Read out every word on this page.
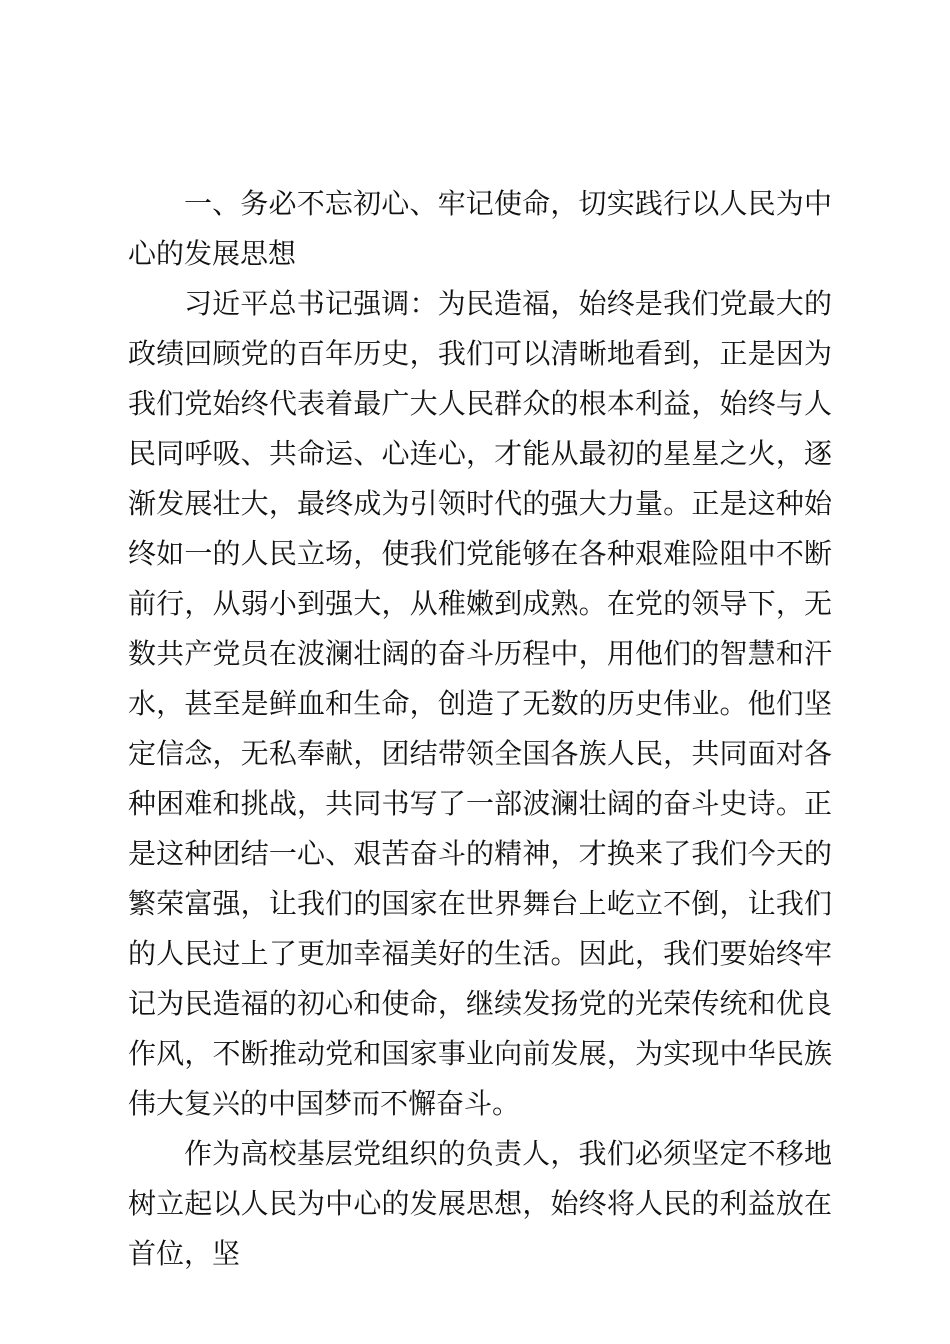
一、务必不忘初心、牢记使命，切实践行以人民为中心的发展思想

习近平总书记强调：为民造福，始终是我们党最大的政绩回顾党的百年历史，我们可以清晰地看到，正是因为我们党始终代表着最广大人民群众的根本利益，始终与人民同呼吸、共命运、心连心，才能从最初的星星之火，逐渐发展壮大，最终成为引领时代的强大力量。正是这种始终如一的人民立场，使我们党能够在各种艰难险阻中不断前行，从弱小到强大，从稚嫩到成熟。在党的领导下，无数共产党员在波澜壮阔的奋斗历程中，用他们的智慧和汗水，甚至是鲜血和生命，创造了无数的历史伟业。他们坚定信念，无私奉献，团结带领全国各族人民，共同面对各种困难和挑战，共同书写了一部波澜壮阔的奋斗史诗。正是这种团结一心、艰苦奋斗的精神，才换来了我们今天的繁荣富强，让我们的国家在世界舞台上屹立不倒，让我们的人民过上了更加幸福美好的生活。因此，我们要始终牢记为民造福的初心和使命，继续发扬党的光荣传统和优良作风，不断推动党和国家事业向前发展，为实现中华民族伟大复兴的中国梦而不懈奋斗。

作为高校基层党组织的负责人，我们必须坚定不移地树立起以人民为中心的发展思想，始终将人民的利益放在首位，坚
